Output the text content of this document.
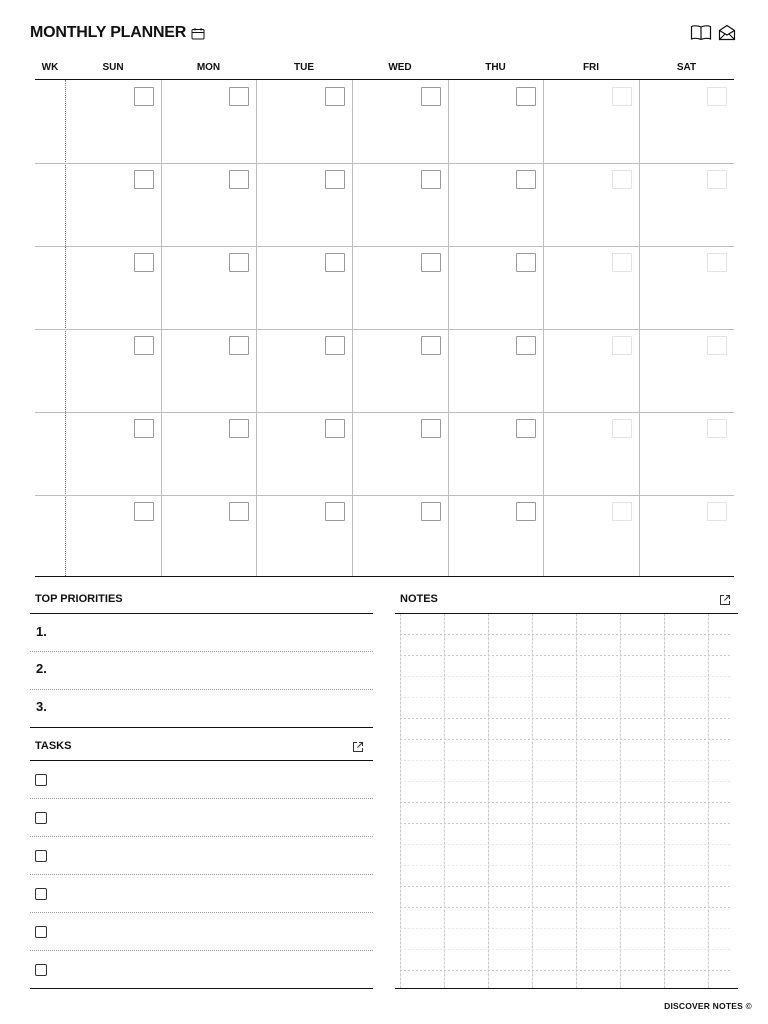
MONTHLY PLANNER
WK	SUN	MON	TUE	WED	THU	FRI	SAT
TOP PRIORITIES
1.
2.
3.
TASKS
NOTES
DISCOVER NOTES ©
